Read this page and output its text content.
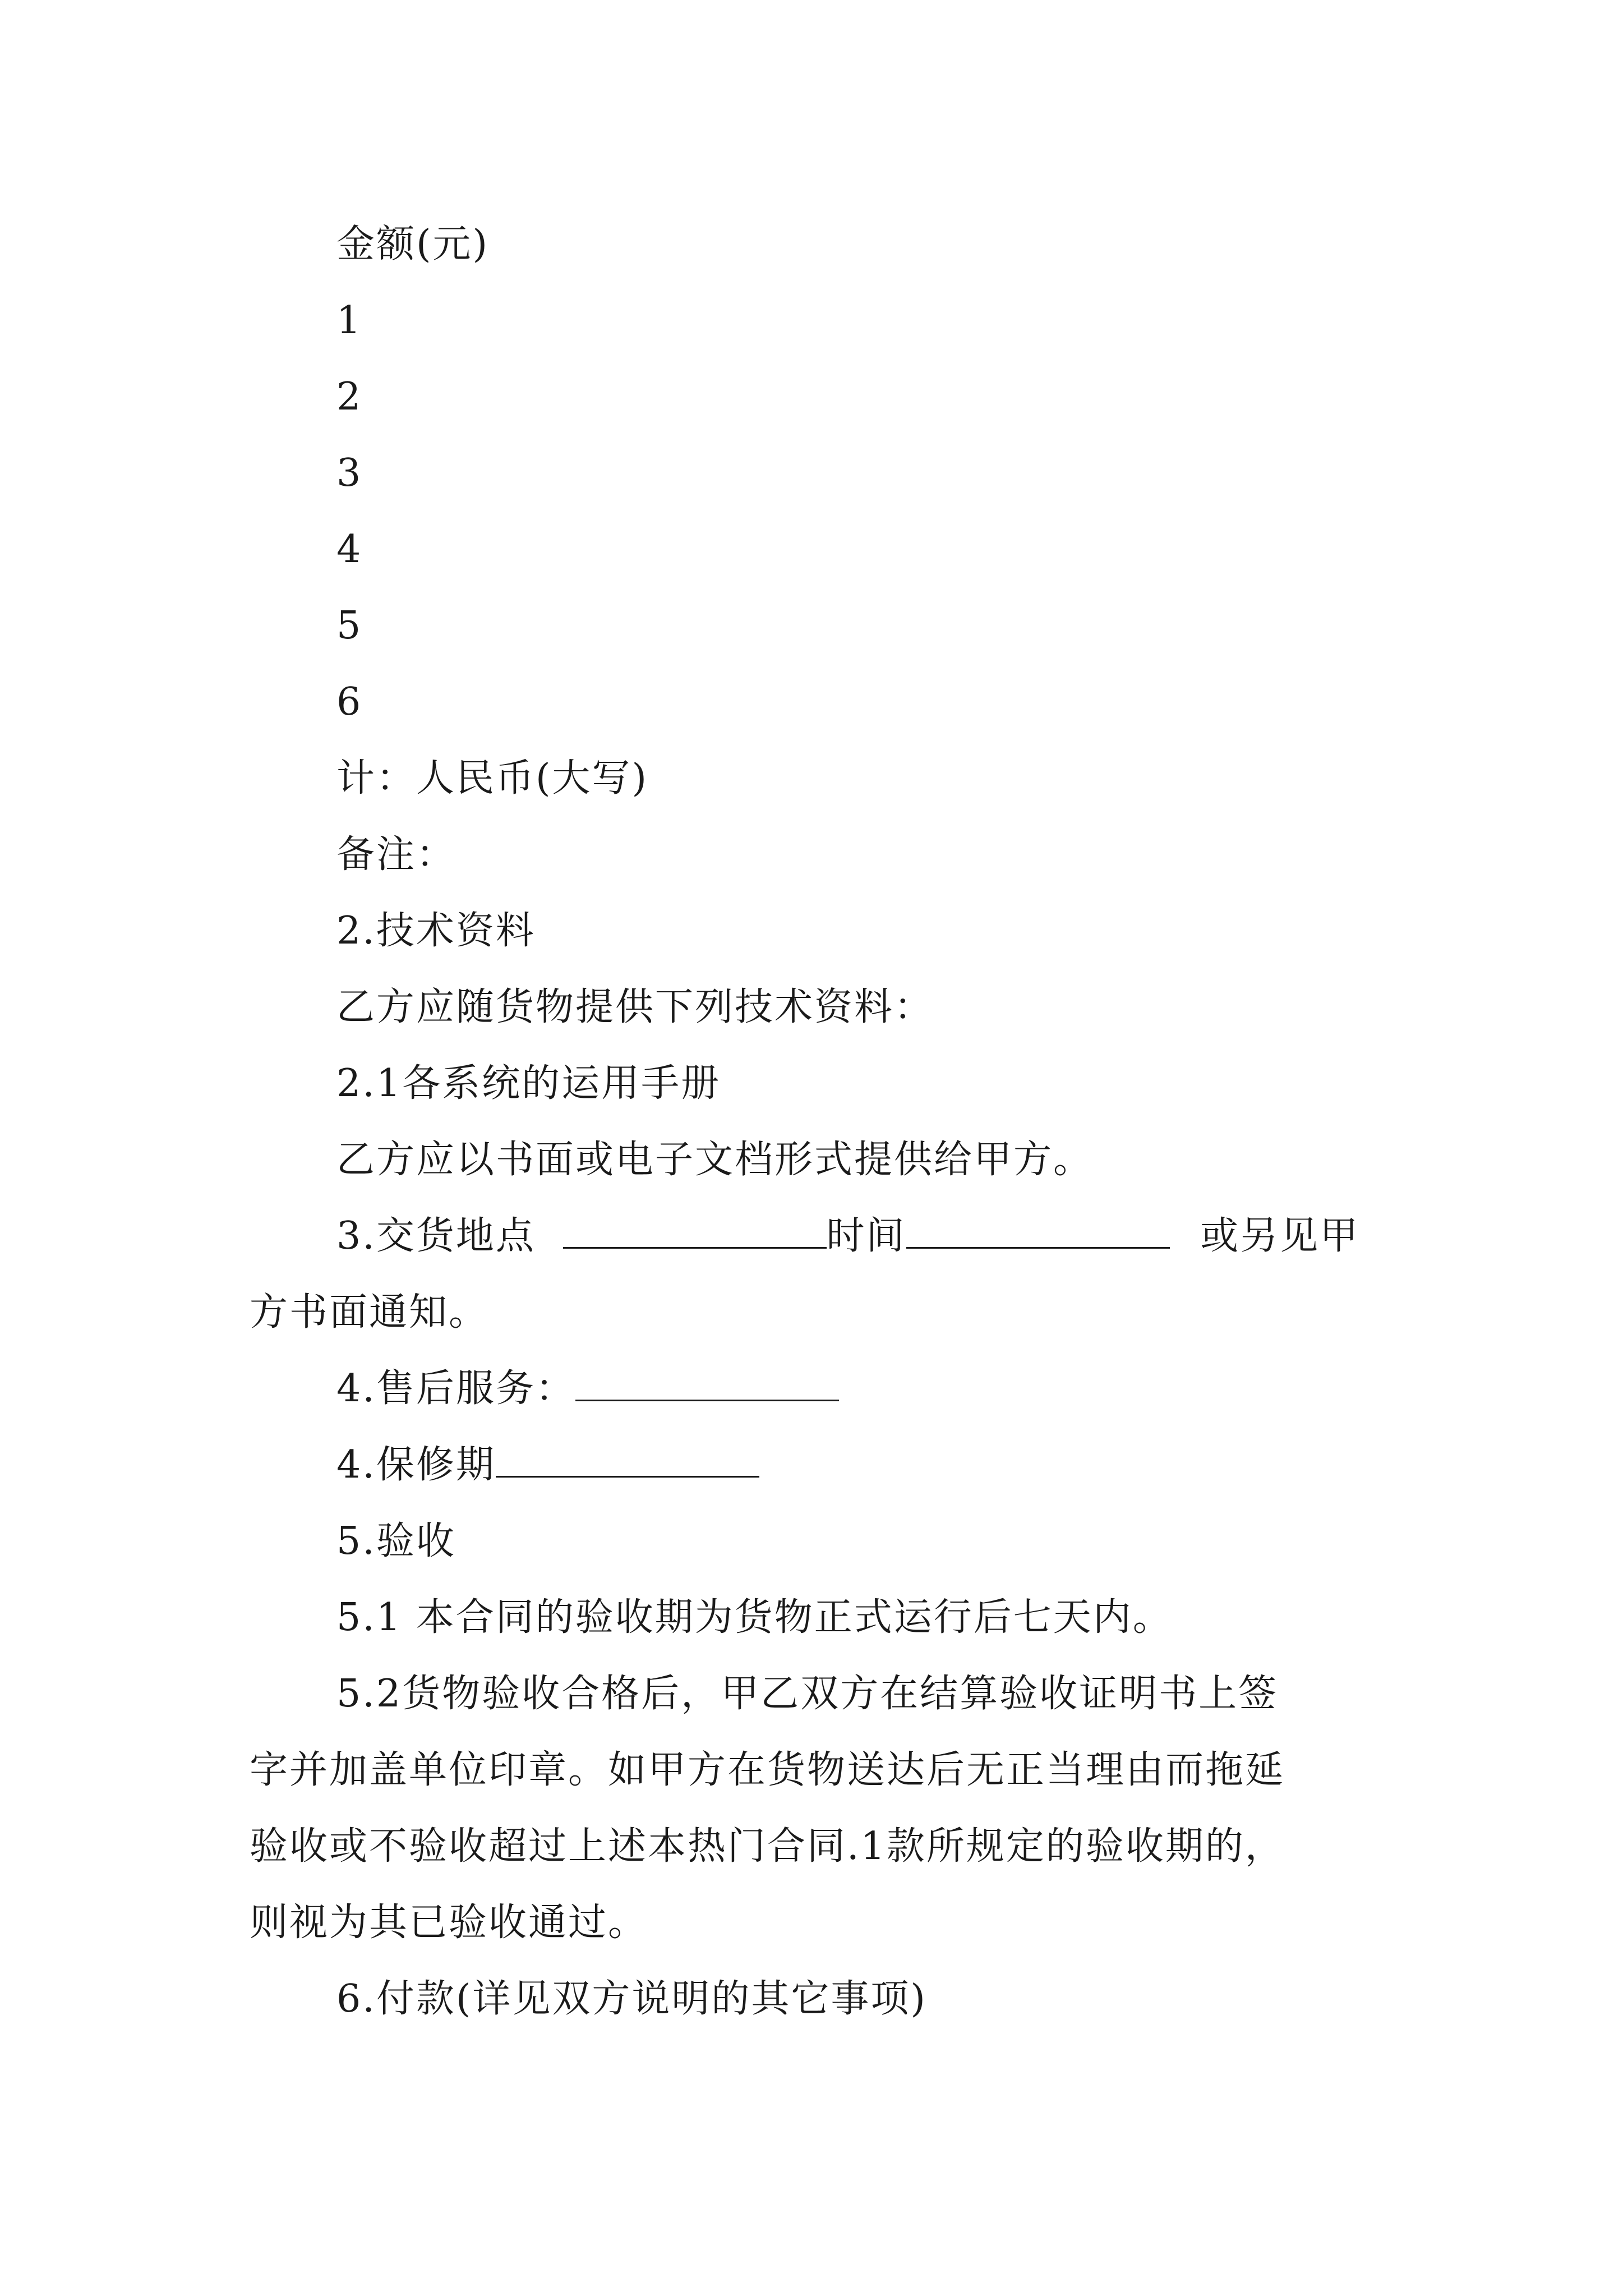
金额(元)
1
2
3
4
5
6
计：人民币(大写)
备注：
2.技术资料
乙方应随货物提供下列技术资料：
2.1各系统的运用手册
乙方应以书面或电子文档形式提供给甲方。
3.交货地点	时间	或另见甲
方书面通知。
4.售后服务：
4.保修期
5.验收
5.1 本合同的验收期为货物正式运行后七天内。
5.2货物验收合格后，甲乙双方在结算验收证明书上签
字并加盖单位印章。如甲方在货物送达后无正当理由而拖延
验收或不验收超过上述本热门合同.1款所规定的验收期的，
则视为其已验收通过。
6.付款(详见双方说明的其它事项)
